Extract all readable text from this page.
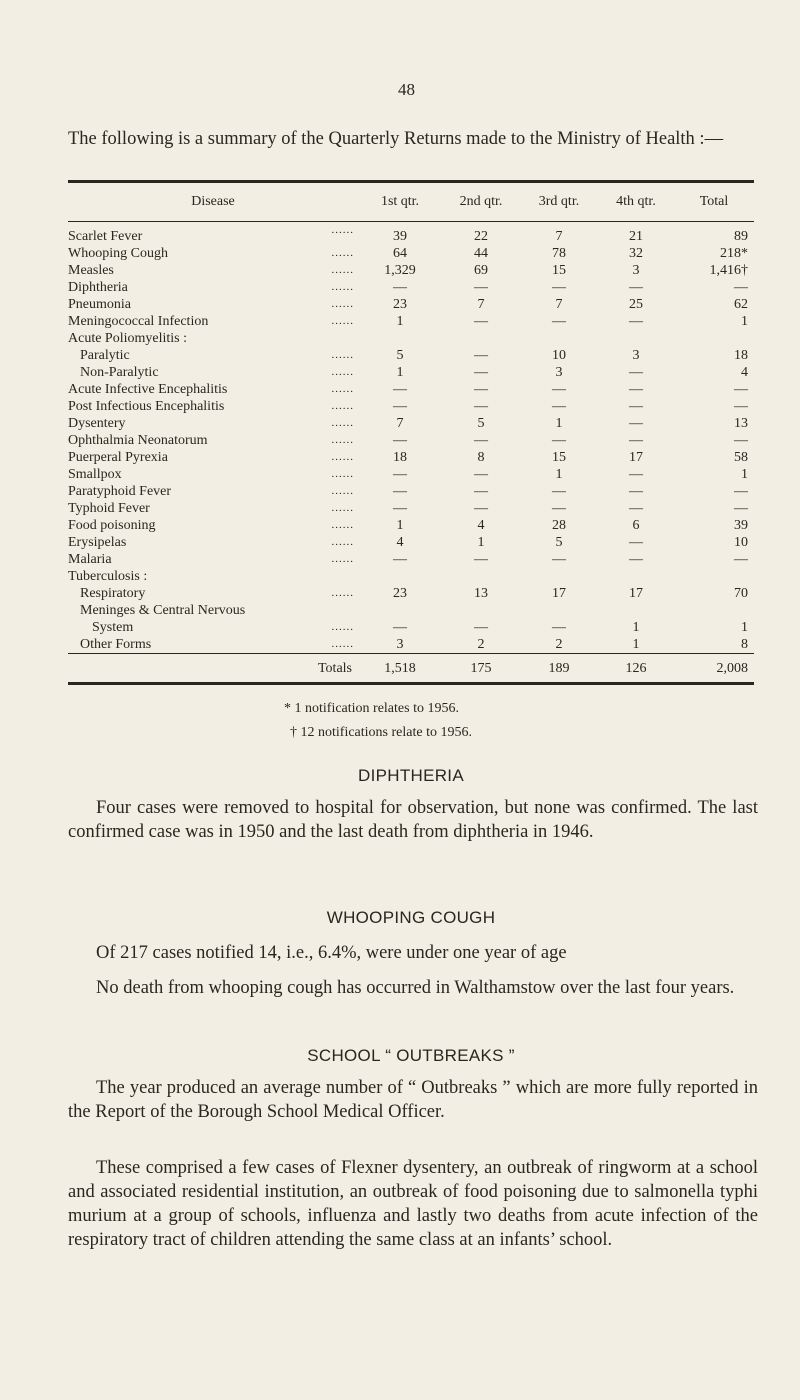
48
The following is a summary of the Quarterly Returns made to the Ministry of Health :—
Disease	1st qtr.	2nd qtr.	3rd qtr.	4th qtr.	Total
Scarlet Fever ......	39	22	7	21	89
Whooping Cough ......	64	44	78	32	218*
Measles ......	1,329	69	15	3	1,416†
Diphtheria ......	—	—	—	—	—
Pneumonia ......	23	7	7	25	62
Meningococcal Infection ......	1	—	—	—	1
Acute Poliomyelitis :					
Paralytic ......	5	—	10	3	18
Non-Paralytic ......	1	—	3	—	4
Acute Infective Encephalitis ......	—	—	—	—	—
Post Infectious Encephalitis ......	—	—	—	—	—
Dysentery ......	7	5	1	—	13
Ophthalmia Neonatorum ......	—	—	—	—	—
Puerperal Pyrexia ......	18	8	15	17	58
Smallpox ......	—	—	1	—	1
Paratyphoid Fever ......	—	—	—	—	—
Typhoid Fever ......	—	—	—	—	—
Food poisoning ......	1	4	28	6	39
Erysipelas ......	4	1	5	—	10
Malaria ......	—	—	—	—	—
Tuberculosis :					
Respiratory ......	23	13	17	17	70
Meninges & Central Nervous					
System ......	—	—	—	1	1
Other Forms ......	3	2	2	1	8
Totals	1,518	175	189	126	2,008
* 1 notification relates to 1956.
† 12 notifications relate to 1956.
DIPHTHERIA
Four cases were removed to hospital for observation, but none was confirmed. The last confirmed case was in 1950 and the last death from diphtheria in 1946.
WHOOPING COUGH
Of 217 cases notified 14, i.e., 6.4%, were under one year of age
No death from whooping cough has occurred in Walthamstow over the last four years.
SCHOOL “ OUTBREAKS ”
The year produced an average number of “ Outbreaks ” which are more fully reported in the Report of the Borough School Medical Officer.
These comprised a few cases of Flexner dysentery, an outbreak of ringworm at a school and associated residential institution, an outbreak of food poisoning due to salmonella typhi murium at a group of schools, influenza and lastly two deaths from acute infection of the respiratory tract of children attending the same class at an infants’ school.
